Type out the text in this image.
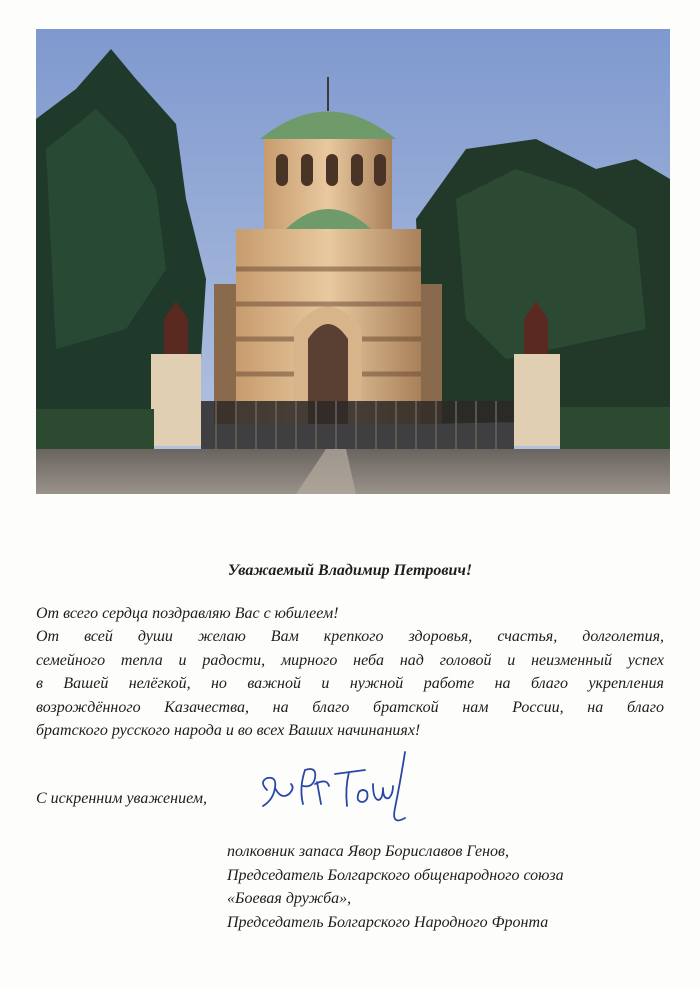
Уважаемый Владимир Петрович!
От всего сердца поздравляю Вас с юбилеем!
От всей души желаю Вам крепкого здоровья, счастья, долголетия,
семейного тепла и радости, мирного неба над головой и неизменный успех
в Вашей нелёгкой, но важной и нужной работе на благо укрепления
возрождённого Казачества, на благо братской нам России, на благо
братского русского народа и во всех Ваших начинаниях!
С искренним уважением,
полковник запаса Явор Бориславов Генов,
Председатель Болгарского общенародного союза
«Боевая дружба»,
Председатель Болгарского Народного Фронта
